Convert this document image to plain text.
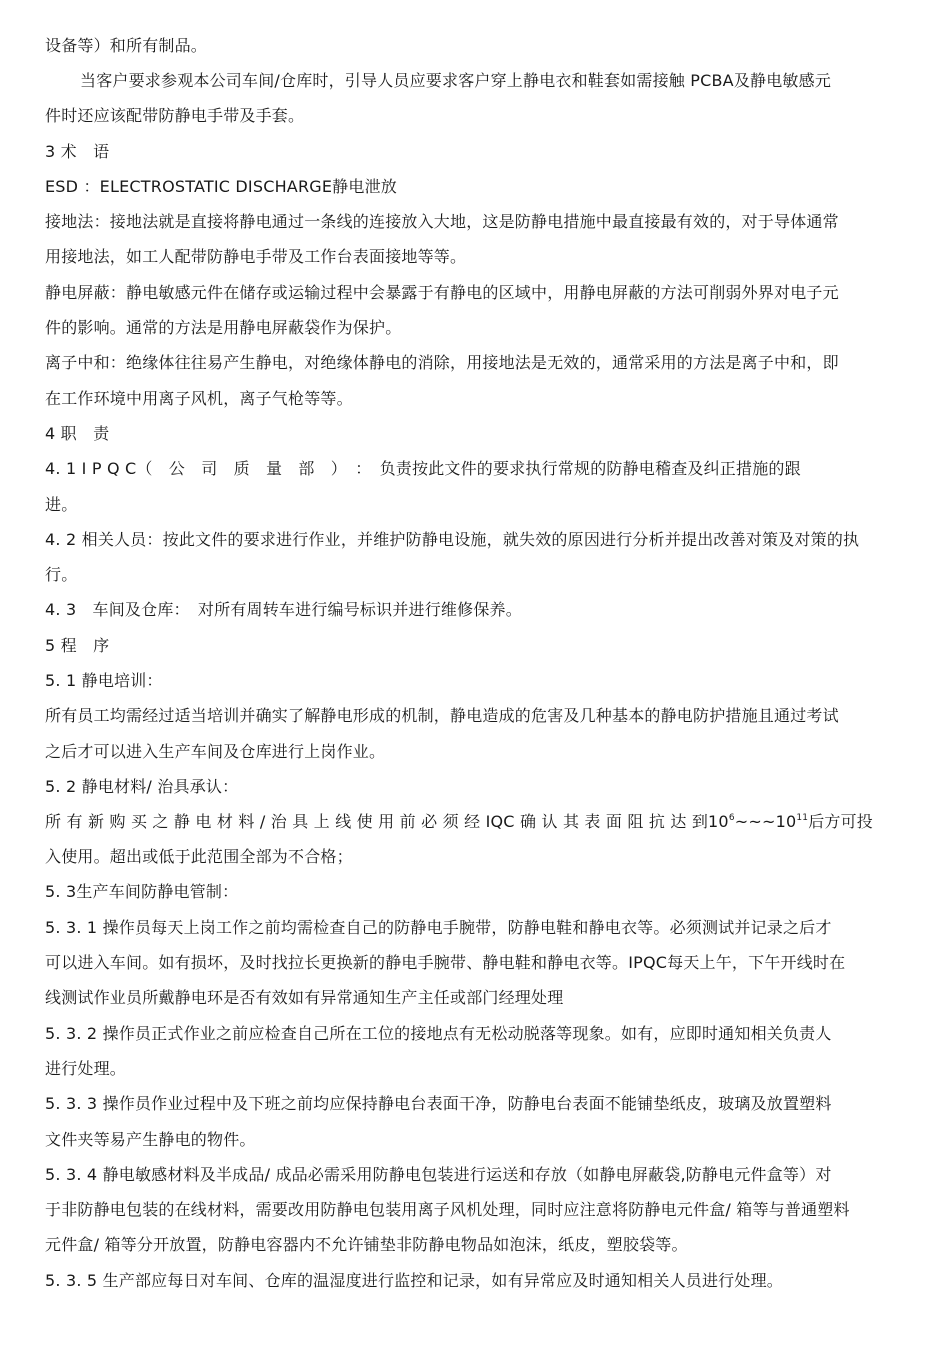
设备等）和所有制品。
当客户要求参观本公司车间/仓库时，引导人员应要求客户穿上静电衣和鞋套如需接触 PCBA及静电敏感元
件时还应该配带防静电手带及手套。
3 术　语
ESD ：ELECTROSTATIC DISCHARGE静电泄放
接地法：接地法就是直接将静电通过一条线的连接放入大地，这是防静电措施中最直接最有效的，对于导体通常
用接地法，如工人配带防静电手带及工作台表面接地等等。
静电屏蔽：静电敏感元件在储存或运输过程中会暴露于有静电的区域中，用静电屏蔽的方法可削弱外界对电子元
件的影响。通常的方法是用静电屏蔽袋作为保护。
离子中和：绝缘体往往易产生静电，对绝缘体静电的消除，用接地法是无效的，通常采用的方法是离子中和，即
在工作环境中用离子风机，离子气枪等等。
4 职　责
4. 1 I P Q C（　公　司　质　量　部　）　：　负责按此文件的要求执行常规的防静电稽查及纠正措施的跟
进。
4. 2 相关人员：按此文件的要求进行作业，并维护防静电设施，就失效的原因进行分析并提出改善对策及对策的执
行。
4. 3　车间及仓库：　对所有周转车进行编号标识并进行维修保养。
5 程　序
5. 1 静电培训：
所有员工均需经过适当培训并确实了解静电形成的机制，静电造成的危害及几种基本的静电防护措施且通过考试
之后才可以进入生产车间及仓库进行上岗作业。
5. 2 静电材料/ 治具承认：
所 有 新 购 买 之 静 电 材 料 / 治 具 上 线 使 用 前 必 须 经 IQC 确 认 其 表 面 阻 抗 达 到$10^6\sim\sim\sim 10^{11}$后方可投
入使用。超出或低于此范围全部为不合格；
5. 3生产车间防静电管制：
5. 3. 1 操作员每天上岗工作之前均需检查自己的防静电手腕带，防静电鞋和静电衣等。必须测试并记录之后才
可以进入车间。如有损坏，及时找拉长更换新的静电手腕带、静电鞋和静电衣等。IPQC每天上午，下午开线时在
线测试作业员所戴静电环是否有效如有异常通知生产主任或部门经理处理
5. 3. 2 操作员正式作业之前应检查自己所在工位的接地点有无松动脱落等现象。如有，应即时通知相关负责人
进行处理。
5. 3. 3 操作员作业过程中及下班之前均应保持静电台表面干净，防静电台表面不能铺垫纸皮，玻璃及放置塑料
文件夹等易产生静电的物件。
5. 3. 4 静电敏感材料及半成品/ 成品必需采用防静电包装进行运送和存放（如静电屏蔽袋,防静电元件盒等）对
于非防静电包装的在线材料，需要改用防静电包装用离子风机处理，同时应注意将防静电元件盒/ 箱等与普通塑料
元件盒/ 箱等分开放置，防静电容器内不允许铺垫非防静电物品如泡沫，纸皮，塑胶袋等。
5. 3. 5 生产部应每日对车间、仓库的温湿度进行监控和记录，如有异常应及时通知相关人员进行处理。
